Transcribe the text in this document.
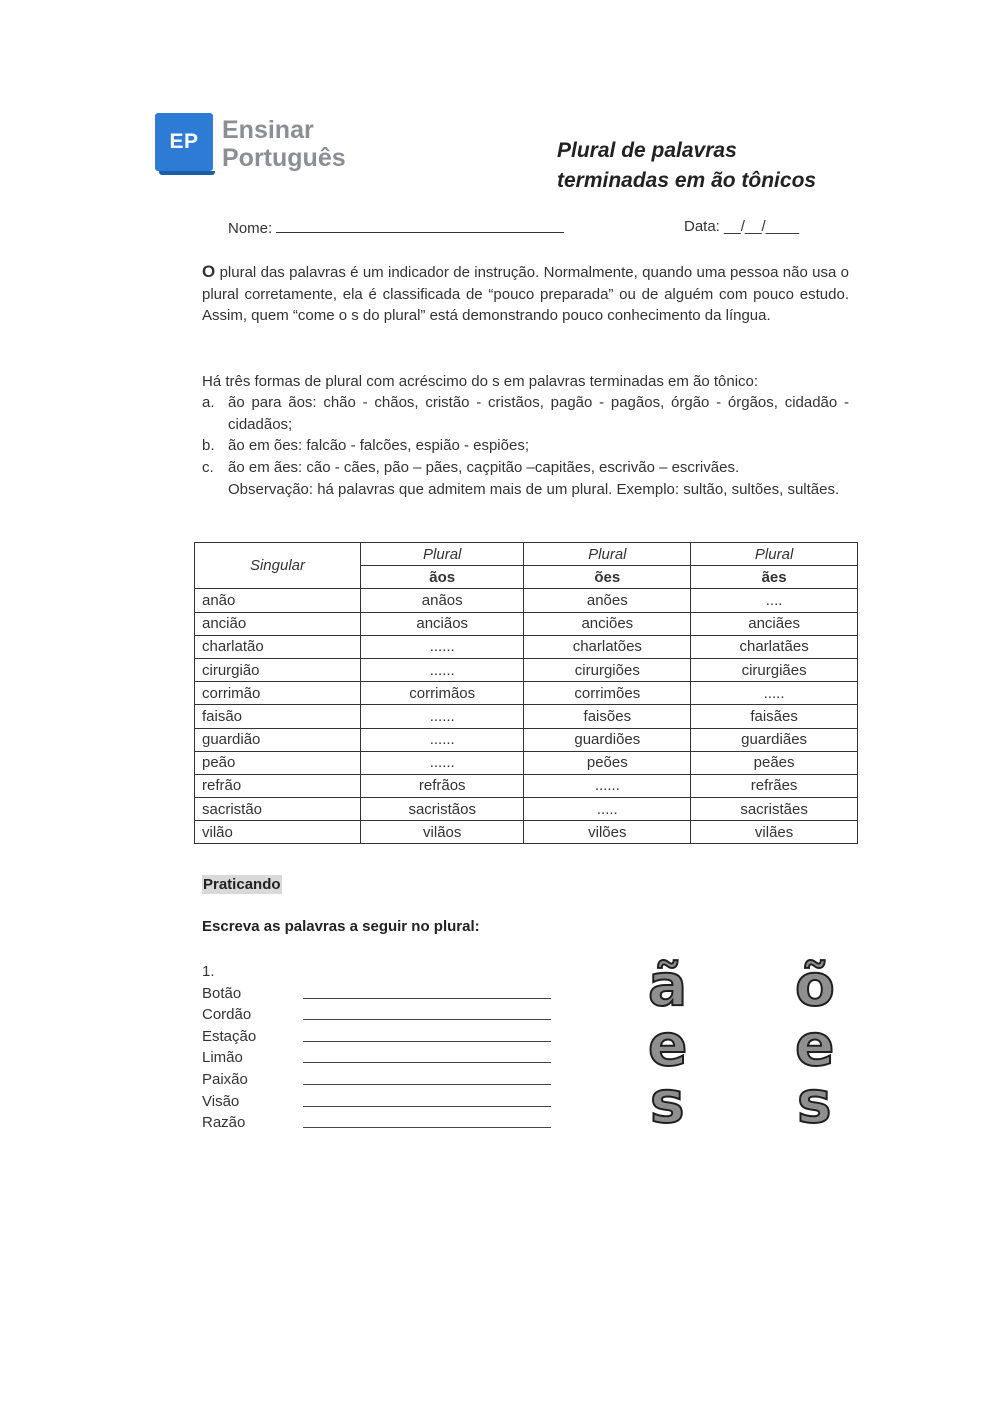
EP Ensinar
Português	Plural de palavras
terminadas em ão tônicos
Nome:	Data: __/__/____
O plural das palavras é um indicador de instrução. Normalmente, quando uma pessoa não usa o plural corretamente, ela é classificada de “pouco preparada” ou de alguém com pouco estudo. Assim, quem “come o s do plural” está demonstrando pouco conhecimento da língua.
Há três formas de plural com acréscimo do s em palavras terminadas em ão tônico:
a. ão para ãos: chão - chãos, cristão - cristãos, pagão - pagãos, órgão - órgãos, cidadão - cidadãos;
b. ão em ões: falcão - falcões, espião - espiões;
c. ão em ães: cão - cães, pão – pães, caçpitão –capitães, escrivão – escrivães.
Observação: há palavras que admitem mais de um plural. Exemplo: sultão, sultões, sultães.
Singular	Plural	Plural	Plural
	ãos	ões	ães
anão	anãos	anões	....
ancião	anciãos	anciões	anciães
charlatão	......	charlatões	charlatães
cirurgião	......	cirurgiões	cirurgiães
corrimão	corrimãos	corrimões	.....
faisão	......	faisões	faisães
guardião	......	guardiões	guardiães
peão	......	peões	peães
refrão	refrãos	......	refrães
sacristão	sacristãos	.....	sacristães
vilão	vilãos	vilões	vilães
Praticando
Escreva as palavras a seguir no plural:
1.
Botão
Cordão
Estação
Limão
Paixão
Visão
Razão
ã õ
e e
s s
